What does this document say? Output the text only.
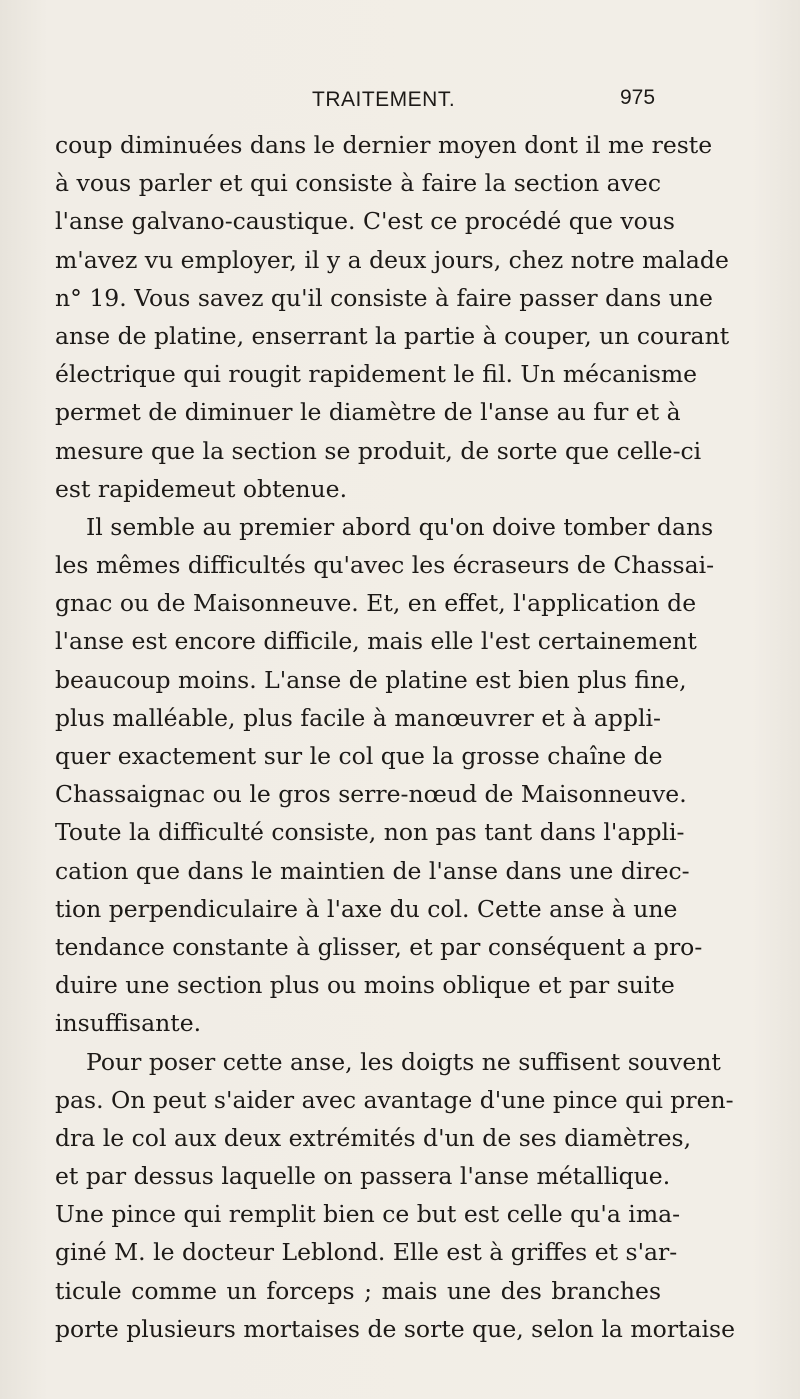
TRAITEMENT.	975
coup diminuées dans le dernier moyen dont il me reste
à vous parler et qui consiste à faire la section avec
l'anse galvano-caustique. C'est ce procédé que vous
m'avez vu employer, il y a deux jours, chez notre malade
n° 19. Vous savez qu'il consiste à faire passer dans une
anse de platine, enserrant la partie à couper, un courant
électrique qui rougit rapidement le fil. Un mécanisme
permet de diminuer le diamètre de l'anse au fur et à
mesure que la section se produit, de sorte que celle-ci
est rapidemeut obtenue.
Il semble au premier abord qu'on doive tomber dans
les mêmes difficultés qu'avec les écraseurs de Chassai-
gnac ou de Maisonneuve. Et, en effet, l'application de
l'anse est encore difficile, mais elle l'est certainement
beaucoup moins. L'anse de platine est bien plus fine,
plus malléable, plus facile à manœuvrer et à appli-
quer exactement sur le col que la grosse chaîne de
Chassaignac ou le gros serre-nœud de Maisonneuve.
Toute la difficulté consiste, non pas tant dans l'appli-
cation que dans le maintien de l'anse dans une direc-
tion perpendiculaire à l'axe du col. Cette anse à une
tendance constante à glisser, et par conséquent a pro-
duire une section plus ou moins oblique et par suite
insuffisante.
Pour poser cette anse, les doigts ne suffisent souvent
pas. On peut s'aider avec avantage d'une pince qui pren-
dra le col aux deux extrémités d'un de ses diamètres,
et par dessus laquelle on passera l'anse métallique.
Une pince qui remplit bien ce but est celle qu'a ima-
giné M. le docteur Leblond. Elle est à griffes et s'ar-
ticule comme un forceps ; mais une des branches
porte plusieurs mortaises de sorte que, selon la mortaise
